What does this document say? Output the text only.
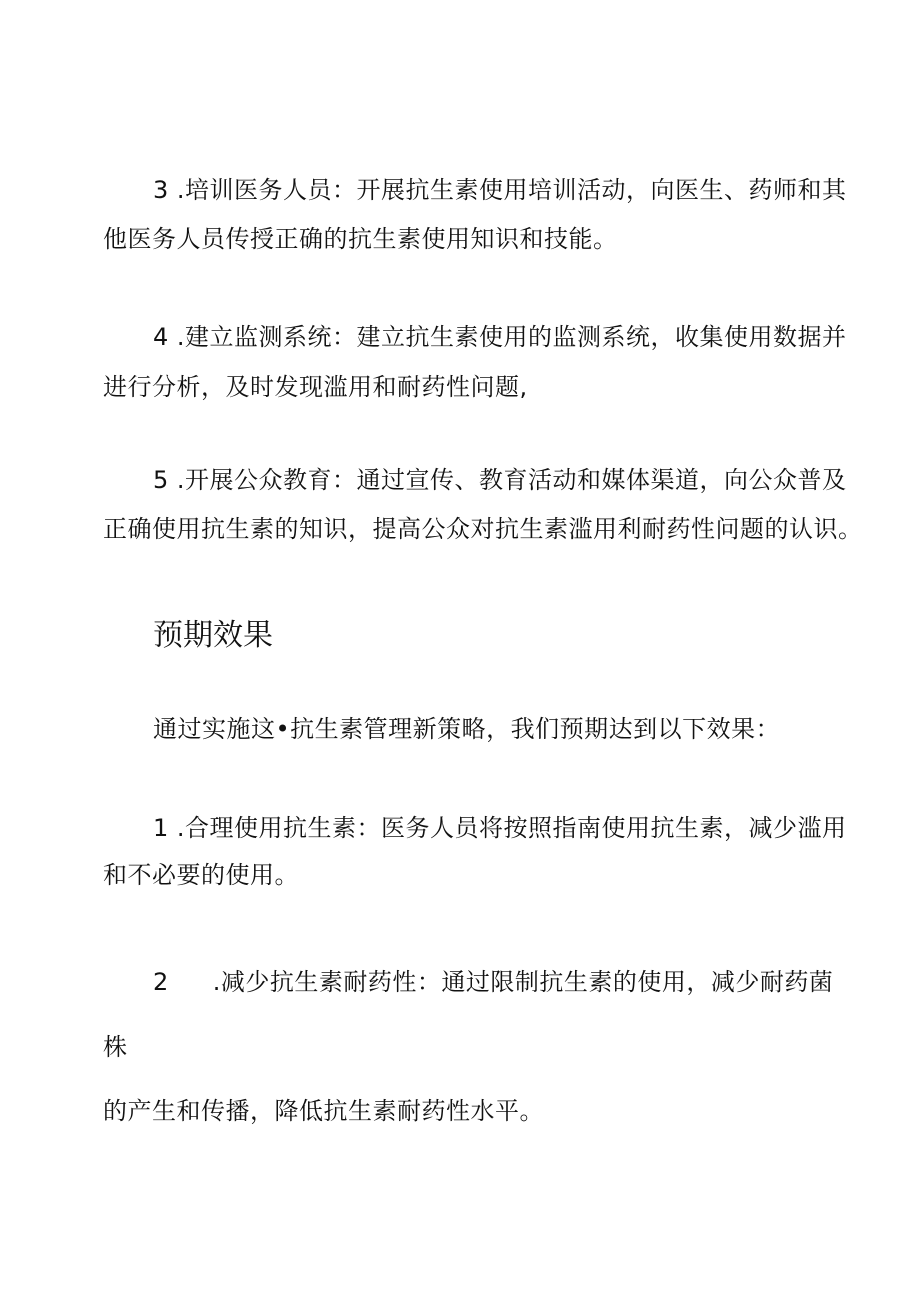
3 .培训医务人员：开展抗生素使用培训活动，向医生、药师和其
他医务人员传授正确的抗生素使用知识和技能。
4 .建立监测系统：建立抗生素使用的监测系统，收集使用数据并
进行分析，及时发现滥用和耐药性问题,
5 .开展公众教育：通过宣传、教育活动和媒体渠道，向公众普及
正确使用抗生素的知识，提高公众对抗生素滥用利耐药性问题的认识。
预期效果
通过实施这•抗生素管理新策略，我们预期达到以下效果：
1 .合理使用抗生素：医务人员将按照指南使用抗生素，减少滥用
和不必要的使用。
2 .减少抗生素耐药性：通过限制抗生素的使用，减少耐药菌
株
的产生和传播，降低抗生素耐药性水平。
